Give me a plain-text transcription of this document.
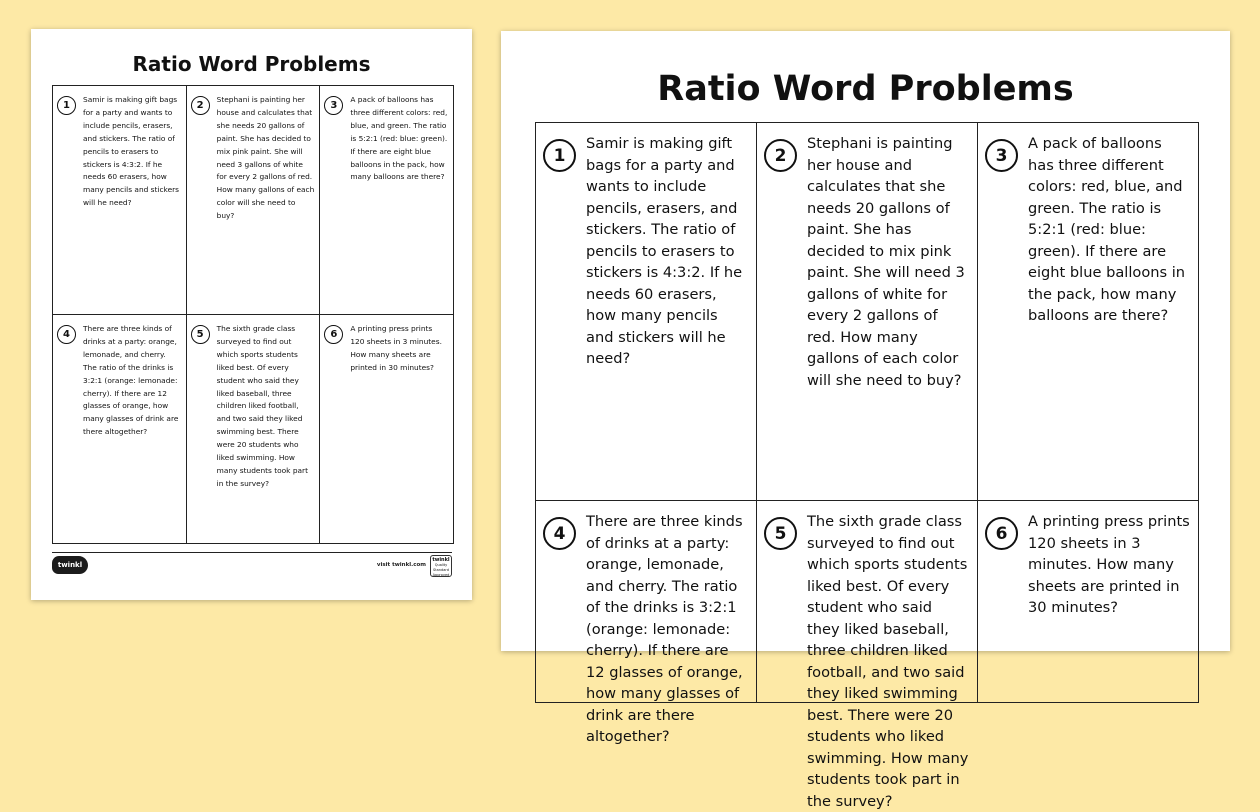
Ratio Word Problems
1

Samir is making gift bags for a party and wants to include pencils, erasers, and stickers. The ratio of pencils to erasers to stickers is 4:3:2. If he needs 60 erasers, how many pencils and stickers will he need?

2

Stephani is painting her house and calculates that she needs 20 gallons of paint. She has decided to mix pink paint. She will need 3 gallons of white for every 2 gallons of red. How many gallons of each color will she need to buy?

3

A pack of balloons has three different colors: red, blue, and green. The ratio is 5:2:1 (red: blue: green). If there are eight blue balloons in the pack, how many balloons are there?

4

There are three kinds of drinks at a party: orange, lemonade, and cherry. The ratio of the drinks is 3:2:1 (orange: lemonade: cherry). If there are 12 glasses of orange, how many glasses of drink are there altogether?

5

The sixth grade class surveyed to find out which sports students liked best. Of every student who said they liked baseball, three children liked football, and two said they liked swimming best. There were 20 students who liked swimming. How many students took part in the survey?

6

A printing press prints 120 sheets in 3 minutes. How many sheets are printed in 30 minutes?

twinkl	visit twinkl.com
twinkl
Quality Standard Approved
Ratio Word Problems
1

Samir is making gift bags for a party and wants to include pencils, erasers, and stickers. The ratio of pencils to erasers to stickers is 4:3:2. If he needs 60 erasers, how many pencils and stickers will he need?

2

Stephani is painting her house and calculates that she needs 20 gallons of paint. She has decided to mix pink paint. She will need 3 gallons of white for every 2 gallons of red. How many gallons of each color will she need to buy?

3

A pack of balloons has three different colors: red, blue, and green. The ratio is 5:2:1 (red: blue: green). If there are eight blue balloons in the pack, how many balloons are there?

4

There are three kinds of drinks at a party: orange, lemonade, and cherry. The ratio of the drinks is 3:2:1 (orange: lemonade: cherry). If there are 12 glasses of orange, how many glasses of drink are there altogether?

5

The sixth grade class surveyed to find out which sports students liked best. Of every student who said they liked baseball, three children liked football, and two said they liked swimming best. There were 20 students who liked swimming. How many students took part in the survey?

6

A printing press prints 120 sheets in 3 minutes. How many sheets are printed in 30 minutes?
